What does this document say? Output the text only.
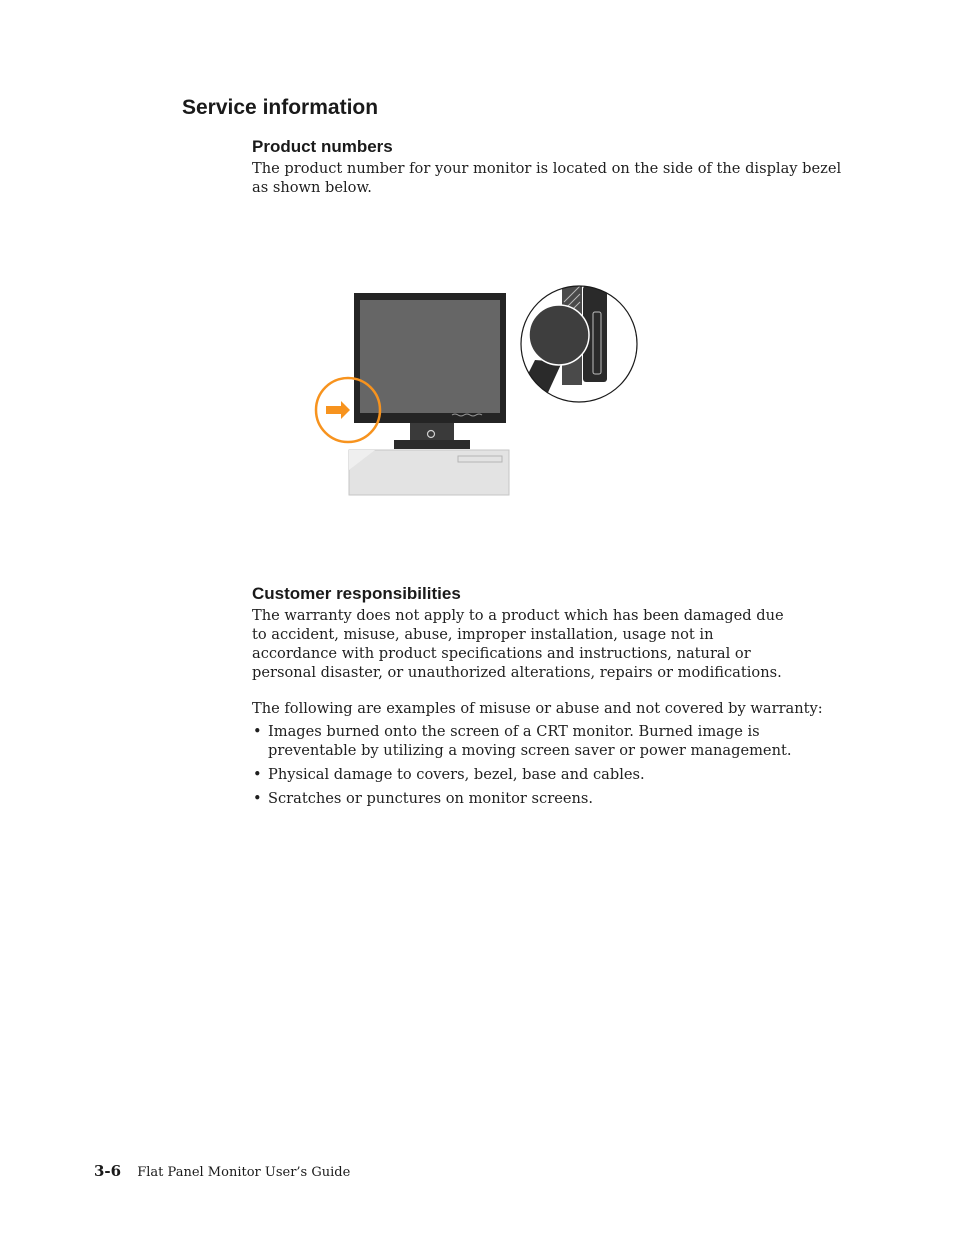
Service information
Product numbers

The product number for your monitor is located on the side of the display bezel as shown below.

Customer responsibilities

The warranty does not apply to a product which has been damaged due to accident, misuse, abuse, improper installation, usage not in accordance with product specifications and instructions, natural or personal disaster, or unauthorized alterations, repairs or modifications.

The following are examples of misuse or abuse and not covered by warranty:

• Images burned onto the screen of a CRT monitor. Burned image is preventable by utilizing a moving screen saver or power management.
• Physical damage to covers, bezel, base and cables.
• Scratches or punctures on monitor screens.
3-6 Flat Panel Monitor User’s Guide
